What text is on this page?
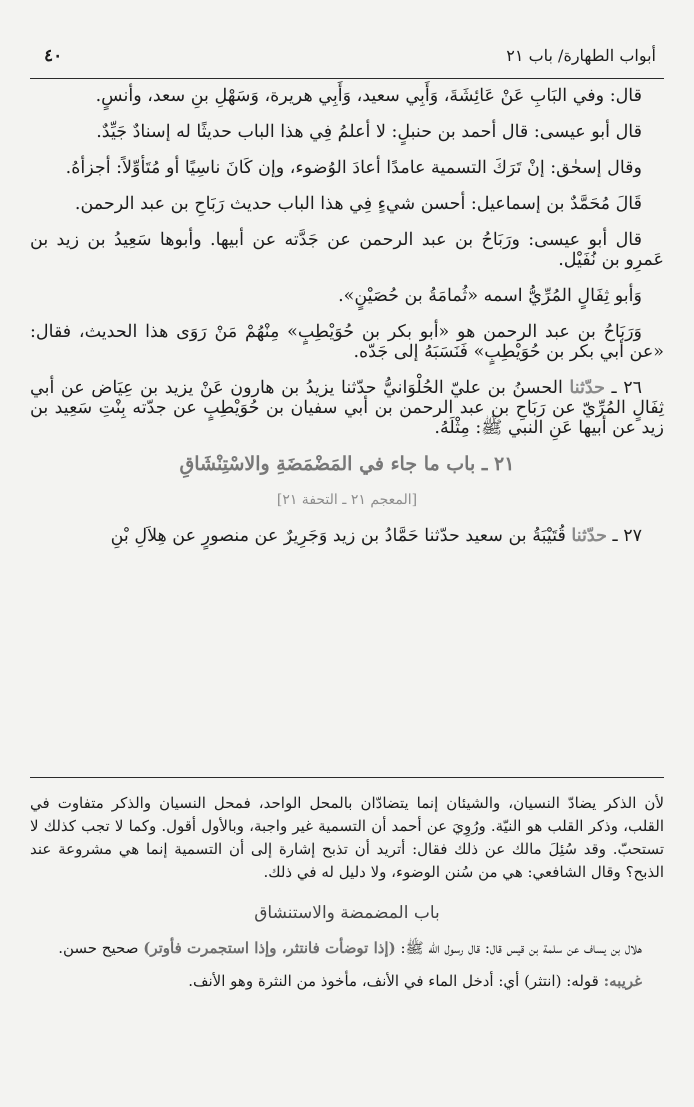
أبواب الطهارة/ باب ٢١
٤٠

قال: وفي البَابِ عَنْ عَائِشَةَ، وَأَبِي سعيد، وَأَبِي هريرة، وَسَهْلِ بنِ سعد، وأنسٍ.

قال أبو عيسى: قال أحمد بن حنبلٍ: لا أعلمُ فِي هذا الباب حديثًا له إسنادٌ جَيِّدٌ.

وقال إسحٰق: إنْ تَرَكَ التسمية عامدًا أعادَ الوُضوء، وإن كَانَ ناسِيًا أو مُتَأوِّلاً: أجزأهُ.

قَالَ مُحَمَّدٌ بن إسماعيل: أحسن شيءٍ فِي هذا الباب حديث رَبَاحِ بن عبد الرحمن.

قال أبو عيسى: ورَبَاحُ بن عبد الرحمن عن جَدَّته عن أبيها. وأبوها سَعِيدُ بن زيد بن عَمرِو بن نُفَيْل.

وَأبو ثِفَالٍ المُرِّيُّ اسمه «ثُمامَةُ بن حُصَيْنٍ».

وَرَبَاحُ بن عبد الرحمن هو «أبو بكر بن حُوَيْطِبٍ» مِنْهُمْ مَنْ رَوَى هذا الحديث، فقال: «عن أبي بكر بن حُوَيْطِبٍ» فَنَسَبَهُ إلى جَدّه.

٢٦ ـ حدّثنا الحسنُ بن عليّ الحُلْوَانيُّ حدّثنا يزيدُ بن هارون عَنْ يزيد بن عِيَاض عن أبي ثِفَالٍ المُرِّيّ عن رَبَاحِ بن عبد الرحمن بن أبي سفيان بن حُوَيْطِبٍ عن جدّته بِنْتِ سَعِيد بن زيد عن أبيها عَنِ النبي ﷺ: مِثْلَهُ.

٢١ ـ باب ما جاء في المَضْمَضَةِ والاسْتِنْشَاقِ

[المعجم ٢١ ـ التحفة ٢١]

٢٧ ـ حدّثنا قُتَيْبَةُ بن سعيد حدّثنا حَمَّادُ بن زيد وَجَرِيرٌ عن منصورٍ عن هِلاَلِ بْنِ

لأن الذكر يضادّ النسيان، والشيئان إنما يتضادّان بالمحل الواحد، فمحل النسيان والذكر متفاوت في القلب، وذكر القلب هو النيّة. ورُوِيَ عن أحمد أن التسمية غير واجبة، وبالأول أقول. وكما لا تجب كذلك لا تستحبّ. وقد سُئِلَ مالك عن ذلك فقال: أتريد أن تذبح إشارة إلى أن التسمية إنما هي مشروعة عند الذبح؟ وقال الشافعي: هي من سُنن الوضوء، ولا دليل له في ذلك.

باب المضمضة والاستنشاق

هلال بن يساف عن سلمة بن قيس قال: قال رسول الله ﷺ: (إذا توضأت فانتثر، وإذا استجمرت فأوتر) صحيح حسن.

غريبه: قوله: (انتثر) أي: أدخل الماء في الأنف، مأخوذ من النثرة وهو الأنف.
